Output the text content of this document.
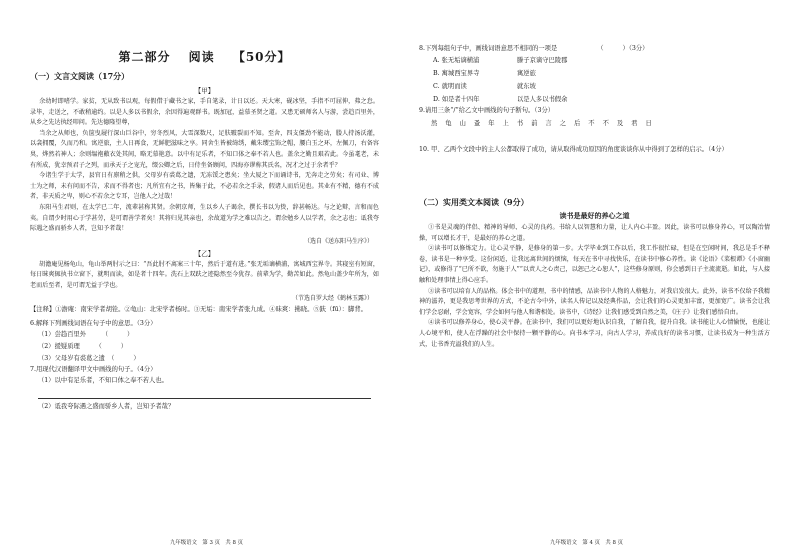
第二部分　 阅读　 【50分】
（一）文言文阅读（17分）
【甲】

余幼时即嗜学。家贫，无从致书以观，每假借于藏书之家，手自笔录，计日以还。天大寒，砚冰坚，手指不可屈伸，弗之怠。录毕，走送之，不敢稍逾约。以是人多以书假余，余因得遍观群书。既加冠，益慕圣贤之道。又患无硕师名人与游，尝趋百里外，从乡之先达执经叩问。先达德隆望尊，

当余之从师也，负箧曳屣行深山巨谷中，穷冬烈风，大雪深数尺，足肤皲裂而不知。至舍，四支僵劲不能动，媵人持汤沃灌，以衾拥覆，久而乃和。寓逆旅，主人日再食，无鲜肥滋味之享。同舍生皆被绮绣，戴朱缨宝饰之帽，腰白玉之环，左佩刀，右备容臭，烨然若神人；余则缊袍敝衣处其间，略无慕艳意。以中有足乐者，不知口体之奉不若人也。盖余之勤且艰若此。今虽耄老，未有所成，犹幸预君子之列，而承天子之宠光，缀公卿之后，日侍坐备顾问，四海亦谬称其氏名，况才之过于余者乎？

今诸生学于太学，县官日有廪稍之供，父母岁有裘葛之遗，无冻馁之患矣；坐大厦之下而诵诗书，无奔走之劳矣；有司业、博士为之师，未有问而不告，求而不得者也；凡所宜有之书，皆集于此，不必若余之手录，假诸人而后见也。其业有不精，德有不成者，非天质之卑，则心不若余之专耳，岂他人之过哉！

东阳马生君则，在太学已二年，流辈甚称其贤。余朝京师，生以乡人子谒余，撰长书以为贽，辞甚畅达。与之论辩，言和而色夷。自谓少时用心于学甚劳，是可谓善学者矣！其将归见其亲也，余故道为学之难以告之。谓余勉乡人以学者，余之志也；诋我夸际遇之盛而骄乡人者，岂知予者哉！

（选自《送东阳马生序》）
【乙】

胡澹庵见杨龟山，龟山举两肘示之曰：“吾此肘不离案三十年，然后于道有进。”张无垢谪横浦，寓城西宝界寺。其寝室有短窗，每日昧爽辄执书立窗下，就明而读，如是者十四年。洗石上双趺之迹隐然至今犹存。前辈为学，勤苦如此。然龟山盖少年所为，如老而后至者，是可谓无益于学也。

（节选自罗大经《鹤林玉露》）

【注释】①澹庵：南宋学者胡铨。②龟山：北宋学者杨时。③无垢：南宋学者张九成。④昧爽：拂晓。⑤趺（fū）：脚背。

6.解释下列画线词语在句子中的意思。（3分）

（1）尝趋百里外　　　	（　　　）

（2）援疑质理　　　	（　　　）

（3）父母岁有裘葛之遗　 （　　　）

7.用现代汉语翻译甲文中画线的句子。（4分）

（1）以中有足乐者，不知口体之奉不若人也。

（2）诋我夸际遇之盛而骄乡人者，岂知予者哉？

九年级语文　第 3 页　共 8 页

8.下列每组句子中，画线词语意思不相同的一项是	（　　　）（3分）

A. 张无垢谪横浦	滕子京谪守巴陵郡

B. 寓城西宝界寺	寓逆旅

C. 就明而读	就东坡

D. 如是者十四年	以是人多以书假余

9.请用三条“/”给乙文中画线的句子断句。（3分）

然 龟 山 蚤 年 上 书 前 言 之 后 不 不 及 君 日

10. 甲、乙两个文段中的主人公都取得了成功，请从取得成功原因的角度谈谈你从中得到了怎样的启示。（4分）

（二）实用类文本阅读（9分）
读书是最好的养心之道

①书是灵魂的伴侣、精神的导师、心灵的良药。书给人以智慧和力量，让人内心丰盈。因此，读书可以修身养心，可以陶冶情操，可以增长才干，是最好的养心之道。

②读书可以修炼定力。让心灵平静，是修身的第一步。大学毕业到工作以后，我工作很忙碌，但是在空闲时间，我总是手不释卷，读书是一种享受。这份闲适，让我远离世间的烦恼，每天在书中寻找快乐，在读书中修心养性。读《论语》《菜根谭》《小窗幽记》，或修得了“已所不欲，勿施于人”“以责人之心责己，以恕己之心恕人”，这些修身原则，你会感到日子主流流逝。如此，与人接触和处理事情上得心应手。

③读书可以培育人的品格。体会书中的道理，书中的情感，品读书中人物的人格魅力，对我启发很大。此外，读书不仅给予我精神的滋养，更是我思考世界的方式，不论古今中外，读名人传记以及经典作品，会让我们的心灵更加丰富，更加宽广。读书会让我们学会忍耐，学会宽容，学会如何与他人和谐相处。读书中，《诗经》让我们感受到自然之美，《庄子》让我们感悟自由。

④读书可以修养身心，使心灵平静。在读书中，我们可以更好地认识自我，了解自我，提升自我。读书能让人心情愉悦，也能让人心境平和，使人在浮躁的社会中保持一颗平静的心。向书本学习，向古人学习，养成良好的读书习惯，让读书成为一种生活方式，让书香充溢我们的人生。

九年级语文　第 4 页　共 8 页
